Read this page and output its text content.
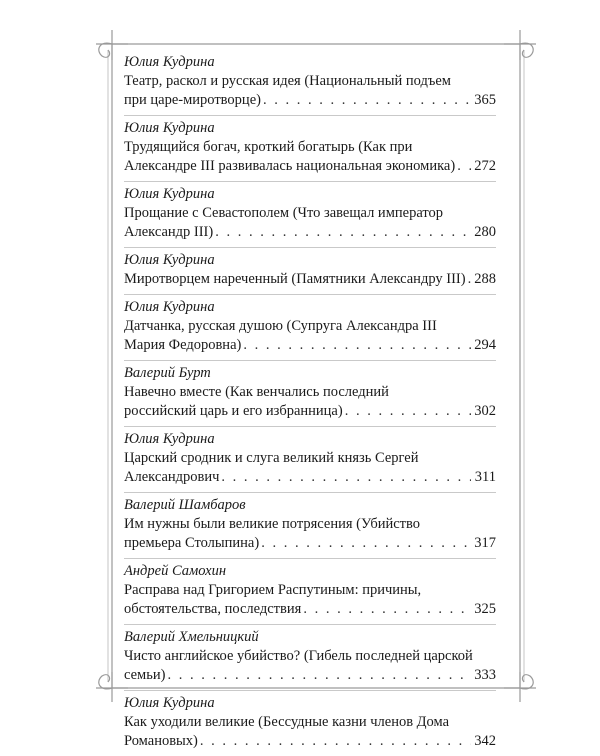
Юлия Кудрина
Театр, раскол и русская идея (Национальный подъем
при царе-миротворце) . . .	365
Юлия Кудрина
Трудящийся богач, кроткий богатырь (Как при
Александре III развивалась национальная экономика) . . . 272
Юлия Кудрина
Прощание с Севастополем (Что завещал император
Александр III) . . .	280
Юлия Кудрина
Миротворцем нареченный (Памятники Александру III) . . . 288
Юлия Кудрина
Датчанка, русская душою (Супруга Александра III
Мария Федоровна) . . .	294
Валерий Бурт
Навечно вместе (Как венчались последний
российский царь и его избранница) . . .	302
Юлия Кудрина
Царский сродник и слуга великий князь Сергей
Александрович . . .	311
Валерий Шамбаров
Им нужны были великие потрясения (Убийство
премьера Столыпина) . . .	317
Андрей Самохин
Расправа над Григорием Распутиным: причины,
обстоятельства, последствия . . .	325
Валерий Хмельницкий
Чисто английское убийство? (Гибель последней царской
семьи) . . .	333
Юлия Кудрина
Как уходили великие (Бессудные казни членов Дома
Романовых) . . .	342
